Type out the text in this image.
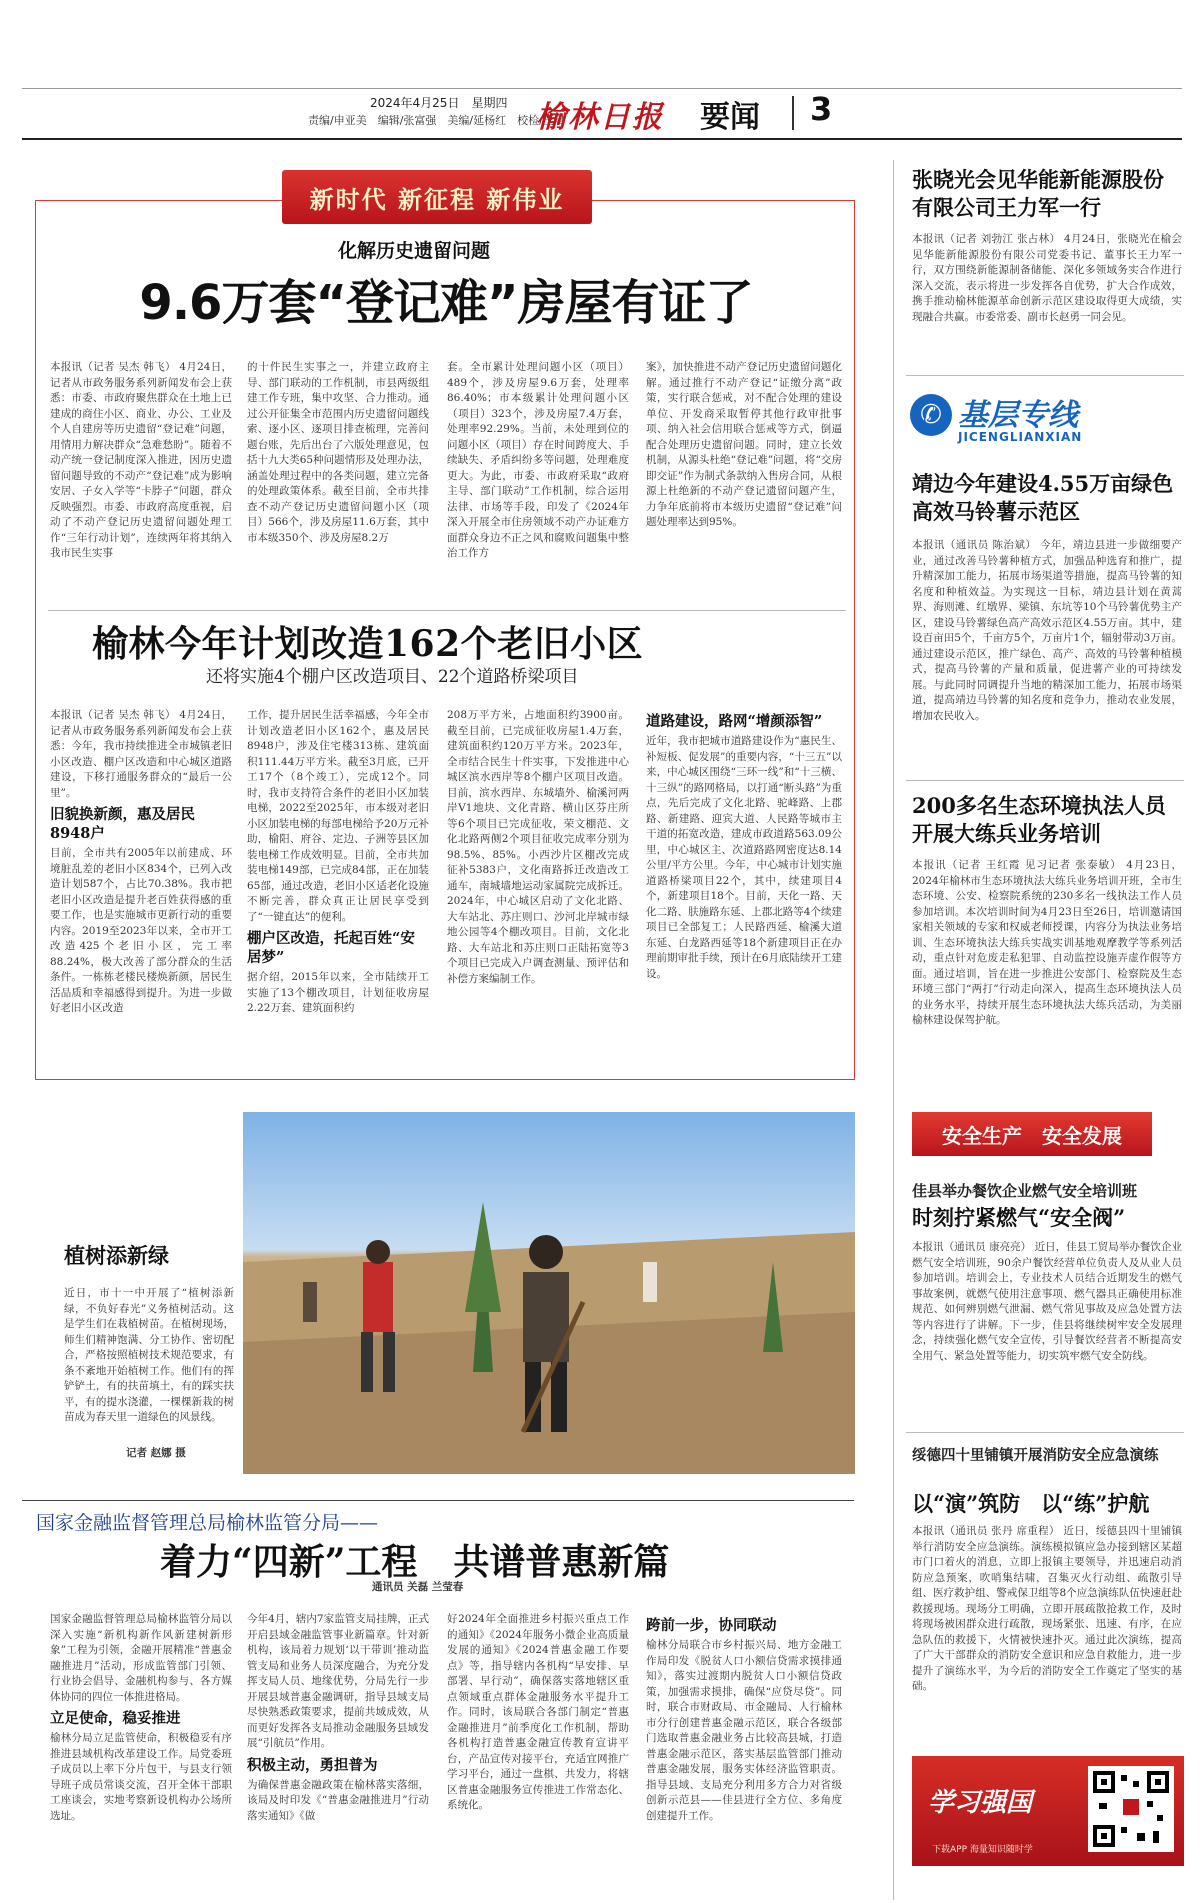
2024年4月25日　星期四
责编/申亚美　编辑/张富强　美编/延杨红　校检/王晨
榆林日报 要闻 3
新时代 新征程 新伟业
化解历史遗留问题
9.6万套“登记难”房屋有证了
本报讯（记者 吴杰 韩飞） 4月24日，记者从市政务服务系列新闻发布会上获悉：市委、市政府聚焦群众在土地上已建成的商住小区、商业、办公、工业及个人自建房等历史遗留“登记难”问题，用情用力解决群众“急难愁盼”。随着不动产统一登记制度深入推进，因历史遗留问题导致的不动产“登记难”成为影响安居、子女入学等“卡脖子”问题，群众反映强烈。市委、市政府高度重视，启动了不动产登记历史遗留问题处理工作“三年行动计划”，连续两年将其纳入我市民生实事
的十件民生实事之一，并建立政府主导、部门联动的工作机制，市县两级组建工作专班，集中攻坚、合力推动。通过公开征集全市范围内历史遗留问题线索、逐小区、逐项目排查梳理，完善问题台账，先后出台了六版处理意见，包括十九大类65种问题情形及处理办法，涵盖处理过程中的各类问题，建立完备的处理政策体系。截至目前，全市共排查不动产登记历史遗留问题小区（项目）566个，涉及房屋11.6万套，其中市本级350个、涉及房屋8.2万
套。全市累计处理问题小区（项目）489个，涉及房屋9.6万套，处理率86.40%；市本级累计处理问题小区（项目）323个，涉及房屋7.4万套，处理率92.29%。当前，未处理到位的问题小区（项目）存在时间跨度大、手续缺失、矛盾纠纷多等问题，处理难度更大。为此，市委、市政府采取“政府主导、部门联动”工作机制，综合运用法律、市场等手段，印发了《2024年深入开展全市住房领域不动产办证难方面群众身边不正之风和腐败问题集中整治工作方
案》，加快推进不动产登记历史遗留问题化解。通过推行不动产登记“证缴分离”政策，实行联合惩戒，对不配合处理的建设单位、开发商采取暂停其他行政审批事项、纳入社会信用联合惩戒等方式，倒逼配合处理历史遗留问题。同时，建立长效机制，从源头杜绝“登记难”问题，将“交房即交证”作为制式条款纳入售房合同，从根源上杜绝新的不动产登记遗留问题产生，力争年底前将市本级历史遗留“登记难”问题处理率达到95%。
榆林今年计划改造162个老旧小区
还将实施4个棚户区改造项目、22个道路桥梁项目
本报讯（记者 吴杰 韩飞） 4月24日，记者从市政务服务系列新闻发布会上获悉：今年，我市持续推进全市城镇老旧小区改造、棚户区改造和中心城区道路建设，下移打通服务群众的“最后一公里”。
旧貌换新颜，惠及居民8948户
目前，全市共有2005年以前建成、环境脏乱差的老旧小区834个，已列入改造计划587个，占比70.38%。我市把老旧小区改造是提升老百姓获得感的重要工作，也是实施城市更新行动的重要内容。2019至2023年以来，全市开工改造425个老旧小区，完工率88.24%，极大改善了部分群众的生活条件。一栋栋老楼民楼焕新颜，居民生活品质和幸福感得到提升。为进一步做好老旧小区改造
工作，提升居民生活幸福感，今年全市计划改造老旧小区162个，惠及居民8948户，涉及住宅楼313栋、建筑面积111.44万平方米。截至3月底，已开工17个（8个竣工），完成12个。同时，我市支持符合条件的老旧小区加装电梯，2022至2025年，市本级对老旧小区加装电梯的每部电梯给予20万元补助，榆阳、府谷、定边、子洲等县区加装电梯工作成效明显。目前，全市共加装电梯149部，已完成84部，正在加装65部，通过改造，老旧小区适老化设施不断完善，群众真正让居民享受到了“一键直达”的便利。
棚户区改造，托起百姓“安居梦”
据介绍，2015年以来，全市陆续开工实施了13个棚改项目，计划征收房屋2.22万套、建筑面积约
208万平方米，占地面积约3900亩。截至目前，已完成征收房屋1.4万套，建筑面积约120万平方米。2023年，全市结合民生十件实事，下发推进中心城区滨水西岸等8个棚户区项目改造。目前，滨水西岸、东城墙外、榆溪河两岸V1地块、文化青路、横山区芬庄所等6个项目已完成征收，荣文棚范、文化北路两侧2个项目征收完成率分别为98.5%、85%。小西沙片区棚改完成征补5383户，文化南路拆迁改造改工通车，南城墙地运动家属院完成拆迁。2024年，中心城区启动了文化北路、大车站北、苏庄则口、沙河北岸城市绿地公园等4个棚改项目。目前，文化北路、大车站北和苏庄则口正陆拓宽等3个项目已完成入户调查测量、预评估和补偿方案编制工作。
道路建设，路网“增颜添智”
近年，我市把城市道路建设作为“惠民生、补短板、促发展”的重要内容，“十三五”以来，中心城区围绕“三环一线”和“十三横、十三纵”的路网格局，以打通“断头路”为重点，先后完成了文化北路、驼峰路、上郡路、新建路、迎宾大道、人民路等城市主干道的拓宽改造，建成市政道路563.09公里，中心城区主、次道路路网密度达8.14公里/平方公里。今年，中心城市计划实施道路桥梁项目22个，其中，续建项目4个，新建项目18个。目前，天化一路、天化二路、肤施路东延、上郡北路等4个续建项目已全部复工；人民路西延、榆溪大道东延、白龙路西延等18个新建项目正在办理前期审批手续，预计在6月底陆续开工建设。
植树添新绿
近日，市十一中开展了“植树添新绿，不负好春光”义务植树活动。这是学生们在栽植树苗。在植树现场，师生们精神饱满、分工协作、密切配合，严格按照植树技术规范要求，有条不紊地开始植树工作。他们有的挥铲铲土，有的扶苗填土，有的踩实扶平，有的提水浇灌，一棵棵新栽的树苗成为春天里一道绿色的风景线。
记者 赵娜 摄
国家金融监督管理总局榆林监管分局——
着力“四新”工程　共谱普惠新篇
通讯员 关磊 兰莹春
国家金融监督管理总局榆林监管分局以深入实施“新机构新作风新建树新形象”工程为引领，金融开展精准“普惠金融推进月”活动，形成监管部门引领、行业协会倡导、金融机构参与、各方媒体协同的四位一体推进格局。
立足使命，稳妥推进
榆林分局立足监管使命，积极稳妥有序推进县域机构改革建设工作。局党委班子成员以上率下分片包干，与县支行领导班子成员常谈交流，召开全体干部职工座谈会，实地考察新设机构办公场所选址。
今年4月，辖内7家监管支局挂牌，正式开启县域金融监管事业新篇章。针对新机构，该局着力规划‘以干带训’推动监管支局和业务人员深度融合，为充分发挥支局人员、地缘优势，分局先行一步开展县域普惠金融调研，指导县域支局尽快熟悉政策要求，提前共域成效，从而更好发挥各支局推动金融服务县域发展“引航员”作用。
积极主动，勇担普为
为确保普惠金融政策在榆林落实落细，该局及时印发《“普惠金融推进月”行动落实通知》《做
好2024年全面推进乡村振兴重点工作的通知》《2024年服务小微企业高质量发展的通知》《2024普惠金融工作要点》等，指导辖内各机构“早安排、早部署、早行动”，确保落实落地辖区重点领域重点群体金融服务水平提升工作。同时，该局联合各部门制定“普惠金融推进月”前季度化工作机制，帮助各机构打造普惠金融宣传教育宣讲平台，产品宣传对接平台，充适宜网推广学习平台，通过一盘棋、共发力，将辖区普惠金融服务宣传推进工作常态化、系统化。
跨前一步，协同联动
榆林分局联合市乡村振兴局、地方金融工作局印发《脱贫人口小额信贷需求摸排通知》，落实过渡期内脱贫人口小额信贷政策，加强需求摸排，确保“应贷尽贷”。同时，联合市财政局、市金融局、人行榆林市分行创建普惠金融示范区，联合各级部门选取普惠金融业务占比较高县城，打造普惠金融示范区，落实基层监管部门推动普惠金融发展，服务实体经济监管职责。指导县域、支局充分利用多方合力对省级创新示范县——佳县进行全方位、多角度创建提升工作。
张晓光会见华能新能源股份有限公司王力军一行
本报讯（记者 刘勃江 张占林） 4月24日，张晓光在榆会见华能新能源股份有限公司党委书记、董事长王力军一行，双方围绕新能源制备储能、深化多领域务实合作进行深入交流，表示将进一步发挥各自优势，扩大合作成效，携手推动榆林能源革命创新示范区建设取得更大成绩，实现融合共赢。市委常委、副市长赵勇一同会见。
✆ 基层专线
JICENGLIANXIAN
靖边今年建设4.55万亩绿色高效马铃薯示范区
本报讯（通讯员 陈治斌） 今年，靖边县进一步做细要产业，通过改善马铃薯种植方式，加强品种选育和推广，提升精深加工能力，拓展市场渠道等措施，提高马铃薯的知名度和种植效益。为实现这一目标，靖边县计划在黄蒿界、海则滩、红墩界、梁镇、东坑等10个马铃薯优势主产区，建设马铃薯绿色高产高效示范区4.55万亩。其中，建设百亩田5个，千亩方5个，万亩片1个，辐射带动3万亩。通过建设示范区，推广绿色、高产、高效的马铃薯种植模式，提高马铃薯的产量和质量，促进薯产业的可持续发展。与此同时同调提升当地的精深加工能力，拓展市场渠道，提高靖边马铃薯的知名度和竞争力，推动农业发展，增加农民收入。
200多名生态环境执法人员开展大练兵业务培训
本报讯（记者 王红霞 见习记者 张泰敏） 4月23日，2024年榆林市生态环境执法大练兵业务培训开班，全市生态环境、公安、检察院系统的230多名一线执法工作人员参加培训。本次培训时间为4月23日至26日，培训邀请国家相关领域的专家和权威老师授课，内容分为执法业务培训、生态环境执法大练兵实战实训基地观摩教学等系列活动，重点针对危废走私犯罪、自动监控设施弄虚作假等方面。通过培训，旨在进一步推进公安部门、检察院及生态环境三部门“两打”行动走向深入，提高生态环境执法人员的业务水平，持续开展生态环境执法大练兵活动，为美丽榆林建设保驾护航。
安全生产　安全发展
佳县举办餐饮企业燃气安全培训班
时刻拧紧燃气“安全阀”
本报讯（通讯员 康亮亮） 近日，佳县工贸局举办餐饮企业燃气安全培训班，90余户餐饮经营单位负责人及从业人员参加培训。培训会上，专业技术人员结合近期发生的燃气事故案例，就燃气使用注意事项、燃气器具正确使用标准规范、如何辨别燃气泄漏、燃气常见事故及应急处置方法等内容进行了讲解。下一步，佳县将继续树牢安全发展理念，持续强化燃气安全宣传，引导餐饮经营者不断提高安全用气、紧急处置等能力，切实筑牢燃气安全防线。
绥德四十里铺镇开展消防安全应急演练
以“演”筑防　以“练”护航
本报讯（通讯员 张丹 席重程） 近日，绥德县四十里铺镇举行消防安全应急演练。演练模拟镇应急办接到辖区某超市门口着火的消息，立即上报镇主要领导，并迅速启动消防应急预案，吹哨集结啸，召集灭火行动组、疏散引导组、医疗救护组、警戒保卫组等8个应急演练队伍快速赶赴救援现场。现场分工明确，立即开展疏散抢救工作，及时将现场被困群众进行疏散，现场紧张、迅速、有序，在应急队伍的救援下，火情被快速扑灭。通过此次演练，提高了广大干部群众的消防安全意识和应急自救能力，进一步提升了演练水平，为今后的消防安全工作奠定了坚实的基础。
学习强国
下载APP 海量知识随时学
